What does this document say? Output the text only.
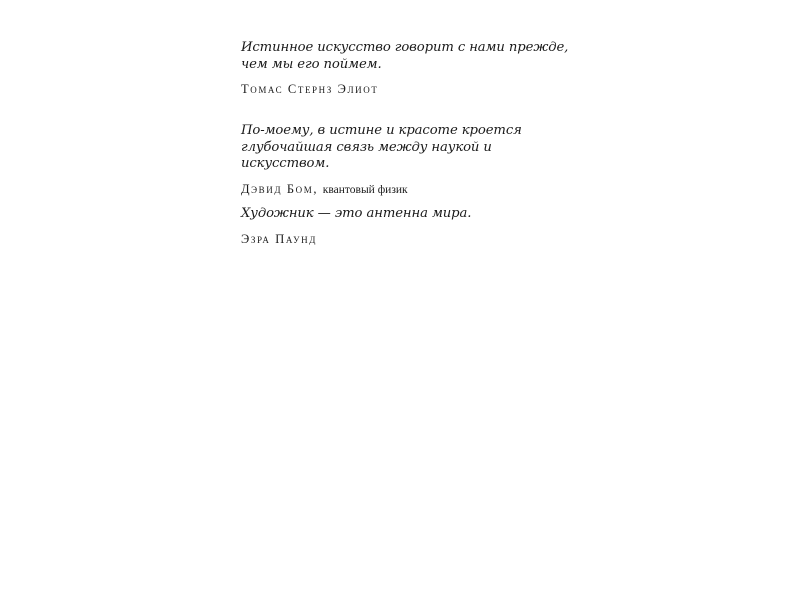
Истинное искусство говорит с нами прежде, чем мы его поймем.

Томас Стернз Элиот

По-моему, в истине и красоте кроется глубочайшая связь между наукой и искусством.

Дэвид Бом, квантовый физик

Художник — это антенна мира.

Эзра Паунд
